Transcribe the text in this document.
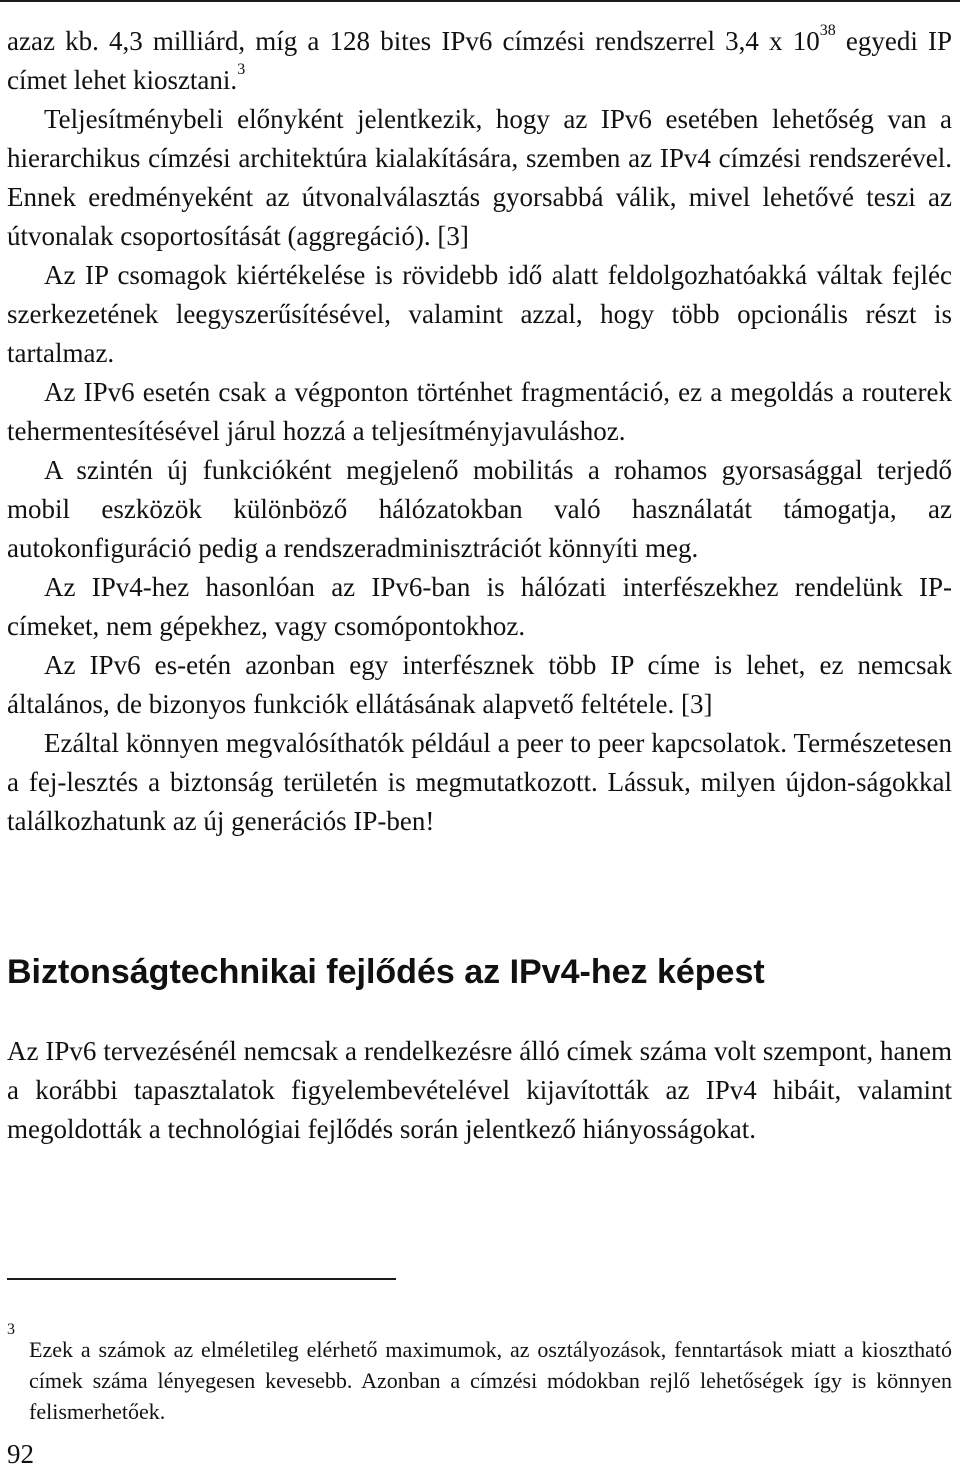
azaz kb. 4,3 milliárd, míg a 128 bites IPv6 címzési rendszerrel 3,4 x $10^{38}$ egyedi IP címet lehet kiosztani.$^3$

Teljesítménybeli előnyként jelentkezik, hogy az IPv6 esetében lehetőség van a hierarchikus címzési architektúra kialakítására, szemben az IPv4 címzési rendszerével. Ennek eredményeként az útvonalválasztás gyorsabbá válik, mivel lehetővé teszi az útvonalak csoportosítását (aggregáció). [3]

Az IP csomagok kiértékelése is rövidebb idő alatt feldolgozhatóakká váltak fejléc szerkezetének leegyszerűsítésével, valamint azzal, hogy több opcionális részt is tartalmaz.

Az IPv6 esetén csak a végponton történhet fragmentáció, ez a megoldás a routerek tehermentesítésével járul hozzá a teljesítményjavuláshoz.

A szintén új funkcióként megjelenő mobilitás a rohamos gyorsasággal terjedő mobil eszközök különböző hálózatokban való használatát támogatja, az autokonfiguráció pedig a rendszeradminisztrációt könnyíti meg.

Az IPv4-hez hasonlóan az IPv6-ban is hálózati interfészekhez rendelünk IP-címeket, nem gépekhez, vagy csomópontokhoz.

Az IPv6 es-etén azonban egy interfésznek több IP címe is lehet, ez nemcsak általános, de bizonyos funkciók ellátásának alapvető feltétele. [3]

Ezáltal könnyen megvalósíthatók például a peer to peer kapcsolatok. Természetesen a fej-lesztés a biztonság területén is megmutatkozott. Lássuk, milyen újdon-ságokkal találkozhatunk az új generációs IP-ben!

Biztonságtechnikai fejlődés az IPv4-hez képest

Az IPv6 tervezésénél nemcsak a rendelkezésre álló címek száma volt szempont, hanem a korábbi tapasztalatok figyelembevételével kijavították az IPv4 hibáit, valamint megoldották a technológiai fejlődés során jelentkező hiányosságokat.

3

Ezek a számok az elméletileg elérhető maximumok, az osztályozások, fenntartások miatt a kiosztható címek száma lényegesen kevesebb. Azonban a címzési módokban rejlő lehetőségek így is könnyen felismerhetőek.

92
